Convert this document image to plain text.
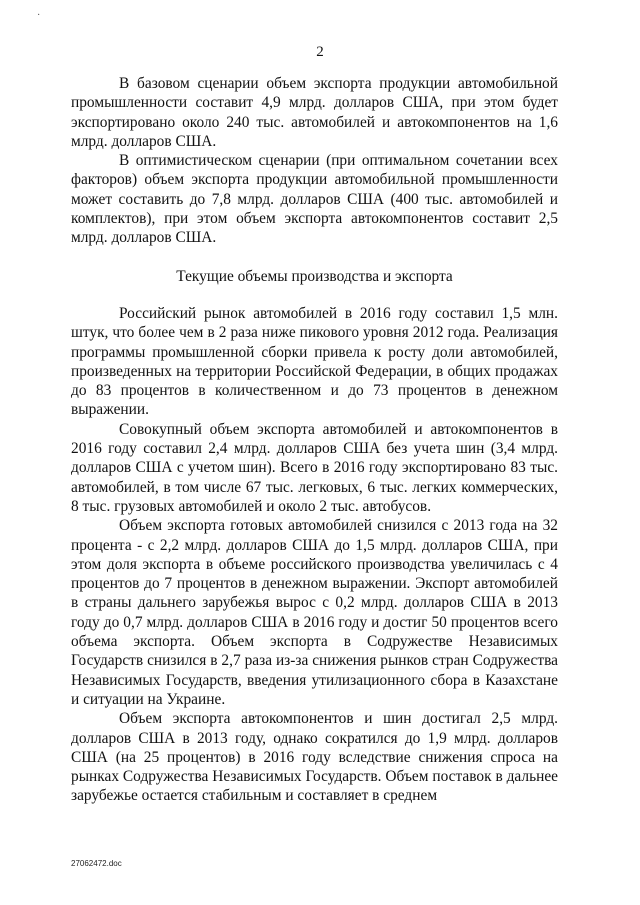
·
2

В базовом сценарии объем экспорта продукции автомобильной промышленности составит 4,9 млрд. долларов США, при этом будет экспортировано около 240 тыс. автомобилей и автокомпонентов на 1,6 млрд. долларов США.

В оптимистическом сценарии (при оптимальном сочетании всех факторов) объем экспорта продукции автомобильной промышленности может составить до 7,8 млрд. долларов США (400 тыс. автомобилей и комплектов), при этом объем экспорта автокомпонентов составит 2,5 млрд. долларов США.

Текущие объемы производства и экспорта

Российский рынок автомобилей в 2016 году составил 1,5 млн. штук, что более чем в 2 раза ниже пикового уровня 2012 года. Реализация программы промышленной сборки привела к росту доли автомобилей, произведенных на территории Российской Федерации, в общих продажах до 83 процентов в количественном и до 73 процентов в денежном выражении.

Совокупный объем экспорта автомобилей и автокомпонентов в 2016 году составил 2,4 млрд. долларов США без учета шин (3,4 млрд. долларов США с учетом шин). Всего в 2016 году экспортировано 83 тыс. автомобилей, в том числе 67 тыс. легковых, 6 тыс. легких коммерческих, 8 тыс. грузовых автомобилей и около 2 тыс. автобусов.

Объем экспорта готовых автомобилей снизился с 2013 года на 32 процента - с 2,2 млрд. долларов США до 1,5 млрд. долларов США, при этом доля экспорта в объеме российского производства увеличилась с 4 процентов до 7 процентов в денежном выражении. Экспорт автомобилей в страны дальнего зарубежья вырос с 0,2 млрд. долларов США в 2013 году до 0,7 млрд. долларов США в 2016 году и достиг 50 процентов всего объема экспорта. Объем экспорта в Содружестве Независимых Государств снизился в 2,7 раза из-за снижения рынков стран Содружества Независимых Государств, введения утилизационного сбора в Казахстане и ситуации на Украине.

Объем экспорта автокомпонентов и шин достигал 2,5 млрд. долларов США в 2013 году, однако сократился до 1,9 млрд. долларов США (на 25 процентов) в 2016 году вследствие снижения спроса на рынках Содружества Независимых Государств. Объем поставок в дальнее зарубежье остается стабильным и составляет в среднем

27062472.doc
